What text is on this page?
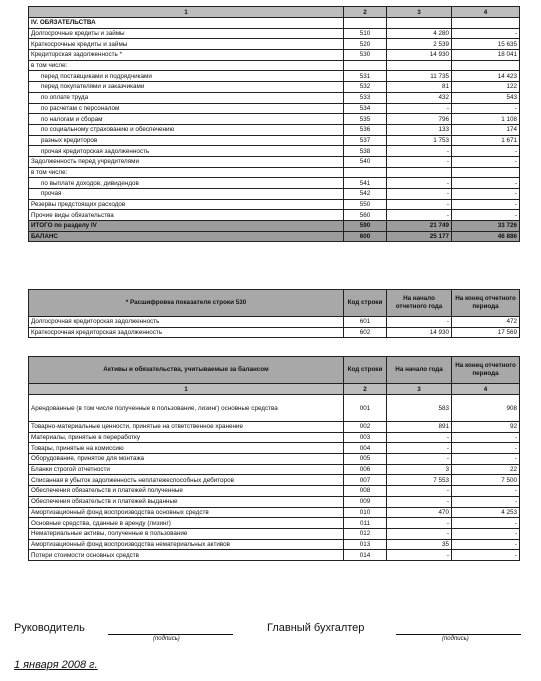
1	2	3	4
IV. ОБЯЗАТЕЛЬСТВА			
Долгосрочные кредиты и займы	510	4 280	-
Краткосрочные кредиты и займы	520	2 539	15 635
Кредиторская задолженность *	530	14 930	18 041
в том числе:			
перед поставщиками и подрядчиками	531	11 735	14 423
перед покупателями и заказчиками	532	81	122
по оплате труда	533	432	543
по расчетам с персоналом	534	-	-
по налогам и сборам	535	796	1 108
по социальному страхованию и обеспечению	536	133	174
разных кредиторов	537	1 753	1 671
прочая кредиторская задолженность	538	-	-
Задолженность перед учредителями	540	-	-
в том числе:			
по выплате доходов, дивидендов	541	-	-
прочая	542	-	-
Резервы предстоящих расходов	550	-	-
Прочие виды обязательства	560	-	-
ИТОГО по разделу IV	590	21 749	33 726
БАЛАНС	600	25 177	46 886
* Расшифровка показателя строки 530	Код строки	На начало отчетного года	На конец отчетного периода
Долгосрочная кредиторская задолженность	601	-	472
Краткосрочная кредиторская задолженность	602	14 930	17 569
Активы и обязательства, учитываемые за балансом	Код строки	На начало года	На конец отчетного периода
1	2	3	4
Арендованные (в том числе полученные в пользование, лизинг) основные средства	001	583	908
Товарно-материальные ценности, принятые на ответственное хранение	002	891	92
Материалы, принятые в переработку	003	-	-
Товары, принятые на комиссию	004	-	-
Оборудование, принятое для монтажа	005	-	-
Бланки строгой отчетности	006	3	22
Списанная в убыток задолженность неплатежеспособных дебиторов	007	7 553	7 500
Обеспечения обязательств и платежей полученные	008	-	-
Обеспечения обязательств и платежей выданные	009	-	-
Амортизационный фонд воспроизводства основных средств	010	470	4 253
Основные средства, сданные в аренду (лизинг)	011	-	-
Нематериальные активы, полученные в пользование	012	-	-
Амортизационный фонд воспроизводства нематериальных активов	013	35	-
Потери стоимости основных средств	014	-	-
Руководитель
(подпись)
Главный бухгалтер
(подпись)
1 января 2008 г.
